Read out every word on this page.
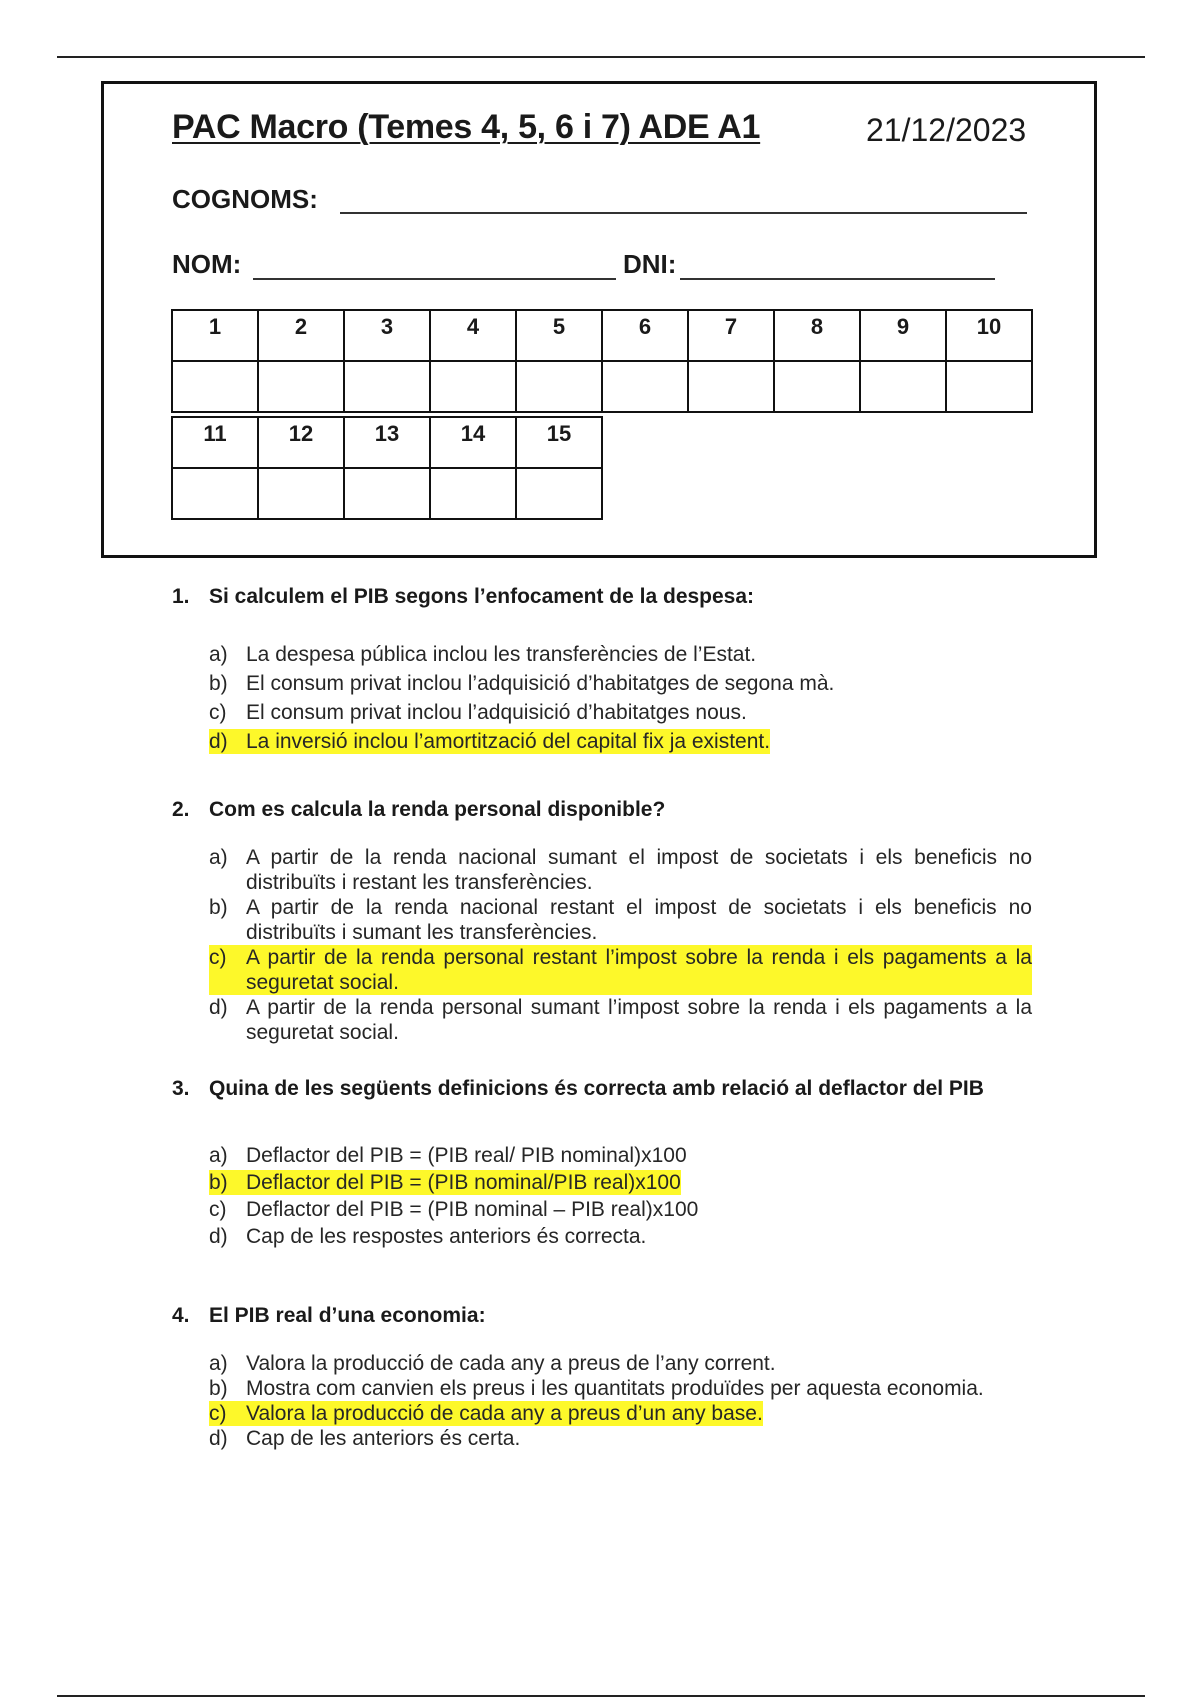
PAC Macro (Temes 4, 5, 6 i 7) ADE A1	21/12/2023
COGNOMS:
NOM:	DNI:
1	2	3	4	5	6	7	8	9	10

11	12	13	14	15

1. Si calculem el PIB segons l’enfocament de la despesa:
a) La despesa pública inclou les transferències de l’Estat.
b) El consum privat inclou l’adquisició d’habitatges de segona mà.
c) El consum privat inclou l’adquisició d’habitatges nous.
d) La inversió inclou l’amortització del capital fix ja existent.
2. Com es calcula la renda personal disponible?
a) A partir de la renda nacional sumant el impost de societats i els beneficis no distribuïts i restant les transferències.
b) A partir de la renda nacional restant el impost de societats i els beneficis no distribuïts i sumant les transferències.
c) A partir de la renda personal restant l’impost sobre la renda i els pagaments a la seguretat social.
d) A partir de la renda personal sumant l’impost sobre la renda i els pagaments a la seguretat social.
3. Quina de les següents definicions és correcta amb relació al deflactor del PIB
a) Deflactor del PIB = (PIB real/ PIB nominal)x100
b) Deflactor del PIB = (PIB nominal/PIB real)x100
c) Deflactor del PIB = (PIB nominal – PIB real)x100
d) Cap de les respostes anteriors és correcta.
4. El PIB real d’una economia:
a) Valora la producció de cada any a preus de l’any corrent.
b) Mostra com canvien els preus i les quantitats produïdes per aquesta economia.
c) Valora la producció de cada any a preus d’un any base.
d) Cap de les anteriors és certa.
